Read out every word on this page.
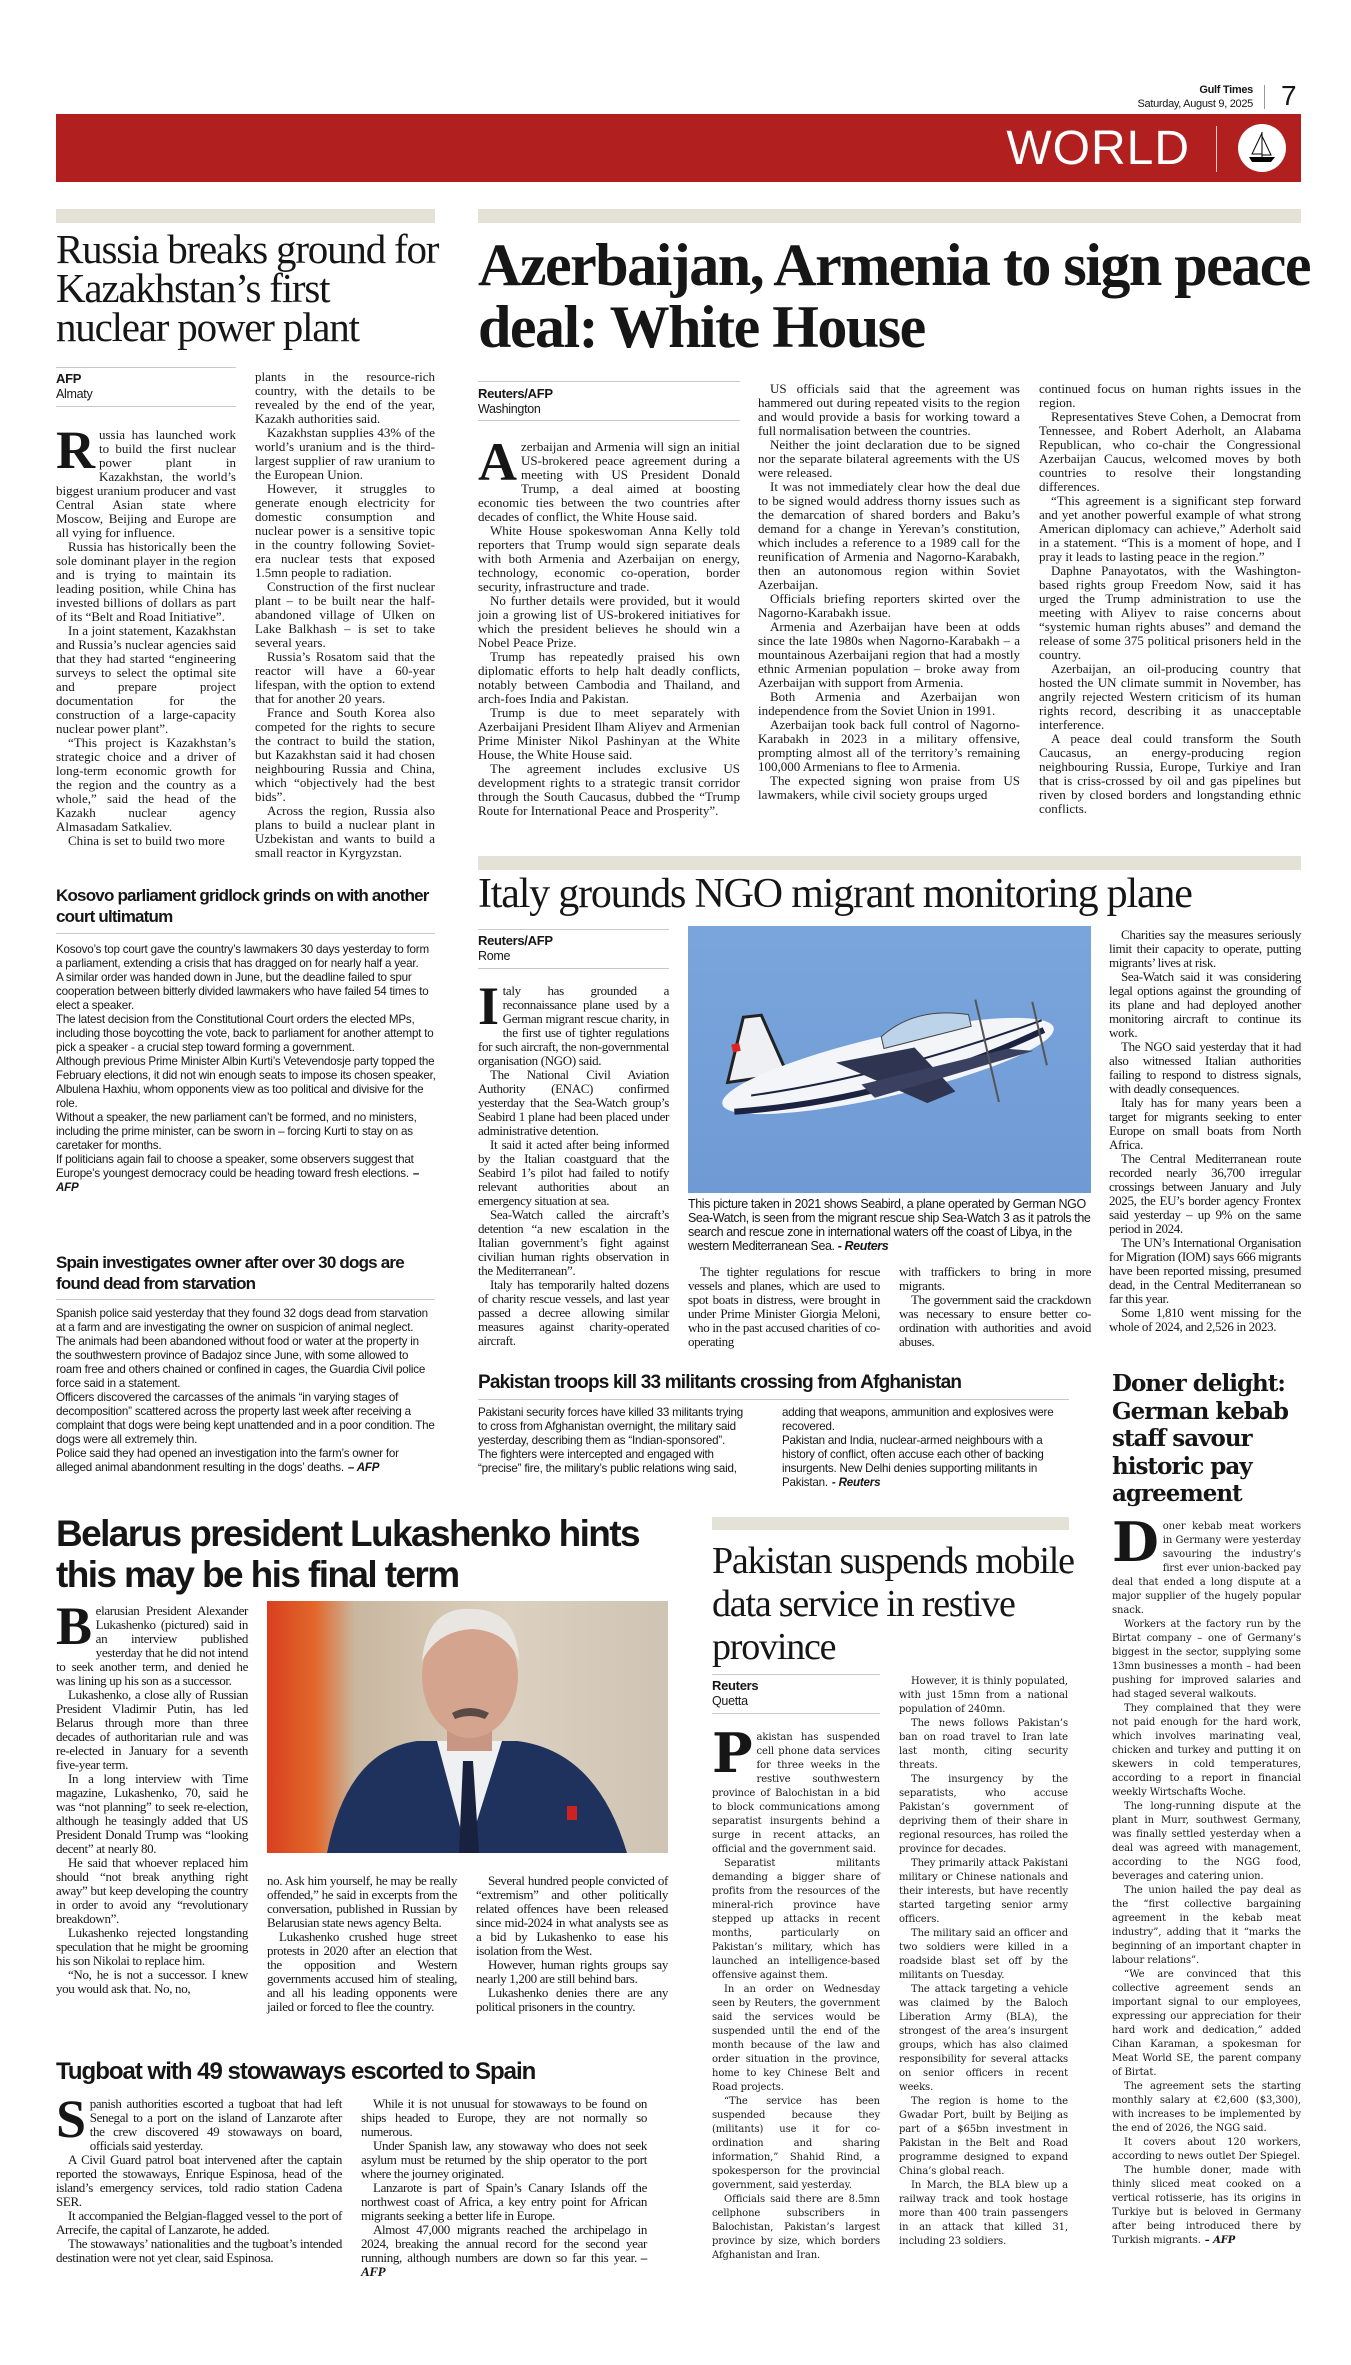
Gulf Times
Saturday, August 9, 2025 7
WORLD
Russia breaks ground for Kazakhstan’s first nuclear power plant
AFP
Almaty

Russia has launched work to build the first nuclear power plant in Kazakhstan, the world’s biggest uranium producer and vast Central Asian state where Moscow, Beijing and Europe are all vying for influence.

Russia has historically been the sole dominant player in the region and is trying to maintain its leading position, while China has invested billions of dollars as part of its “Belt and Road Initiative”.

In a joint statement, Kazakhstan and Russia’s nuclear agencies said that they had started “engineering surveys to select the optimal site and prepare project documentation for the construction of a large-capacity nuclear power plant”.

“This project is Kazakhstan’s strategic choice and a driver of long-term economic growth for the region and the country as a whole,” said the head of the Kazakh nuclear agency Almasadam Satkaliev.

China is set to build two more

plants in the resource-rich country, with the details to be revealed by the end of the year, Kazakh authorities said.

Kazakhstan supplies 43% of the world’s uranium and is the third-largest supplier of raw uranium to the European Union.

However, it struggles to generate enough electricity for domestic consumption and nuclear power is a sensitive topic in the country following Soviet-era nuclear tests that exposed 1.5mn people to radiation.

Construction of the first nuclear plant – to be built near the half-abandoned village of Ulken on Lake Balkhash – is set to take several years.

Russia’s Rosatom said that the reactor will have a 60-year lifespan, with the option to extend that for another 20 years.

France and South Korea also competed for the rights to secure the contract to build the station, but Kazakhstan said it had chosen neighbouring Russia and China, which “objectively had the best bids”.

Across the region, Russia also plans to build a nuclear plant in Uzbekistan and wants to build a small reactor in Kyrgyzstan.

Azerbaijan, Armenia to sign peace deal: White House
Reuters/AFP
Washington

Azerbaijan and Armenia will sign an initial US-brokered peace agreement during a meeting with US President Donald Trump, a deal aimed at boosting economic ties between the two countries after decades of conflict, the White House said.

White House spokeswoman Anna Kelly told reporters that Trump would sign separate deals with both Armenia and Azerbaijan on energy, technology, economic co-operation, border security, infrastructure and trade.

No further details were provided, but it would join a growing list of US-brokered initiatives for which the president believes he should win a Nobel Peace Prize.

Trump has repeatedly praised his own diplomatic efforts to help halt deadly conflicts, notably between Cambodia and Thailand, and arch-foes India and Pakistan.

Trump is due to meet separately with Azerbaijani President Ilham Aliyev and Armenian Prime Minister Nikol Pashinyan at the White House, the White House said.

The agreement includes exclusive US development rights to a strategic transit corridor through the South Caucasus, dubbed the “Trump Route for International Peace and Prosperity”.

US officials said that the agreement was hammered out during repeated visits to the region and would provide a basis for working toward a full normalisation between the countries.

Neither the joint declaration due to be signed nor the separate bilateral agreements with the US were released.

It was not immediately clear how the deal due to be signed would address thorny issues such as the demarcation of shared borders and Baku’s demand for a change in Yerevan’s constitution, which includes a reference to a 1989 call for the reunification of Armenia and Nagorno-Karabakh, then an autonomous region within Soviet Azerbaijan.

Officials briefing reporters skirted over the Nagorno-Karabakh issue.

Armenia and Azerbaijan have been at odds since the late 1980s when Nagorno-Karabakh – a mountainous Azerbaijani region that had a mostly ethnic Armenian population – broke away from Azerbaijan with support from Armenia.

Both Armenia and Azerbaijan won independence from the Soviet Union in 1991.

Azerbaijan took back full control of Nagorno-Karabakh in 2023 in a military offensive, prompting almost all of the territory’s remaining 100,000 Armenians to flee to Armenia.

The expected signing won praise from US lawmakers, while civil society groups urged

continued focus on human rights issues in the region.

Representatives Steve Cohen, a Democrat from Tennessee, and Robert Aderholt, an Alabama Republican, who co-chair the Congressional Azerbaijan Caucus, welcomed moves by both countries to resolve their longstanding differences.

“This agreement is a significant step forward and yet another powerful example of what strong American diplomacy can achieve,” Aderholt said in a statement. “This is a moment of hope, and I pray it leads to lasting peace in the region.”

Daphne Panayotatos, with the Washington-based rights group Freedom Now, said it has urged the Trump administration to use the meeting with Aliyev to raise concerns about “systemic human rights abuses” and demand the release of some 375 political prisoners held in the country.

Azerbaijan, an oil-producing country that hosted the UN climate summit in November, has angrily rejected Western criticism of its human rights record, describing it as unacceptable interference.

A peace deal could transform the South Caucasus, an energy-producing region neighbouring Russia, Europe, Turkiye and Iran that is criss-crossed by oil and gas pipelines but riven by closed borders and longstanding ethnic conflicts.

Kosovo parliament gridlock grinds on with another court ultimatum

Kosovo’s top court gave the country’s lawmakers 30 days yesterday to form a parliament, extending a crisis that has dragged on for nearly half a year.

A similar order was handed down in June, but the deadline failed to spur cooperation between bitterly divided lawmakers who have failed 54 times to elect a speaker.

The latest decision from the Constitutional Court orders the elected MPs, including those boycotting the vote, back to parliament for another attempt to pick a speaker - a crucial step toward forming a government.

Although previous Prime Minister Albin Kurti’s Vetevendosje party topped the February elections, it did not win enough seats to impose its chosen speaker, Albulena Haxhiu, whom opponents view as too political and divisive for the role.

Without a speaker, the new parliament can’t be formed, and no ministers, including the prime minister, can be sworn in – forcing Kurti to stay on as caretaker for months.

If politicians again fail to choose a speaker, some observers suggest that Europe’s youngest democracy could be heading toward fresh elections. – AFP

Spain investigates owner after over 30 dogs are found dead from starvation

Spanish police said yesterday that they found 32 dogs dead from starvation at a farm and are investigating the owner on suspicion of animal neglect.

The animals had been abandoned without food or water at the property in the southwestern province of Badajoz since June, with some allowed to roam free and others chained or confined in cages, the Guardia Civil police force said in a statement.

Officers discovered the carcasses of the animals “in varying stages of decomposition” scattered across the property last week after receiving a complaint that dogs were being kept unattended and in a poor condition. The dogs were all extremely thin.

Police said they had opened an investigation into the farm’s owner for alleged animal abandonment resulting in the dogs’ deaths. – AFP

Italy grounds NGO migrant monitoring plane
Reuters/AFP
Rome

Italy has grounded a reconnaissance plane used by a German migrant rescue charity, in the first use of tighter regulations for such aircraft, the non-governmental organisation (NGO) said.

The National Civil Aviation Authority (ENAC) confirmed yesterday that the Sea-Watch group’s Seabird 1 plane had been placed under administrative detention.

It said it acted after being informed by the Italian coastguard that the Seabird 1’s pilot had failed to notify relevant authorities about an emergency situation at sea.

Sea-Watch called the aircraft’s detention “a new escalation in the Italian government’s fight against civilian human rights observation in the Mediterranean”.

Italy has temporarily halted dozens of charity rescue vessels, and last year passed a decree allowing similar measures against charity-operated aircraft.

This picture taken in 2021 shows Seabird, a plane operated by German NGO Sea-Watch, is seen from the migrant rescue ship Sea-Watch 3 as it patrols the search and rescue zone in international waters off the coast of Libya, in the western Mediterranean Sea. - Reuters

The tighter regulations for rescue vessels and planes, which are used to spot boats in distress, were brought in under Prime Minister Giorgia Meloni, who in the past accused charities of co-operating

with traffickers to bring in more migrants.

The government said the crackdown was necessary to ensure better co-ordination with authorities and avoid abuses.

Charities say the measures seriously limit their capacity to operate, putting migrants’ lives at risk.

Sea-Watch said it was considering legal options against the grounding of its plane and had deployed another monitoring aircraft to continue its work.

The NGO said yesterday that it had also witnessed Italian authorities failing to respond to distress signals, with deadly consequences.

Italy has for many years been a target for migrants seeking to enter Europe on small boats from North Africa.

The Central Mediterranean route recorded nearly 36,700 irregular crossings between January and July 2025, the EU’s border agency Frontex said yesterday – up 9% on the same period in 2024.

The UN’s International Organisation for Migration (IOM) says 666 migrants have been reported missing, presumed dead, in the Central Mediterranean so far this year.

Some 1,810 went missing for the whole of 2024, and 2,526 in 2023.

Pakistan troops kill 33 militants crossing from Afghanistan

Pakistani security forces have killed 33 militants trying to cross from Afghanistan overnight, the military said yesterday, describing them as “Indian-sponsored”.

The fighters were intercepted and engaged with “precise” fire, the military’s public relations wing said,

adding that weapons, ammunition and explosives were recovered.

Pakistan and India, nuclear-armed neighbours with a history of conflict, often accuse each other of backing insurgents. New Delhi denies supporting militants in Pakistan. - Reuters

Doner delight: German kebab staff savour historic pay agreement

Doner kebab meat workers in Germany were yesterday savouring the industry’s first ever union-backed pay deal that ended a long dispute at a major supplier of the hugely popular snack.

Workers at the factory run by the Birtat company – one of Germany’s biggest in the sector, supplying some 13mn businesses a month – had been pushing for improved salaries and had staged several walkouts.

They complained that they were not paid enough for the hard work, which involves marinating veal, chicken and turkey and putting it on skewers in cold temperatures, according to a report in financial weekly Wirtschafts Woche.

The long-running dispute at the plant in Murr, southwest Germany, was finally settled yesterday when a deal was agreed with management, according to the NGG food, beverages and catering union.

The union hailed the pay deal as the “first collective bargaining agreement in the kebab meat industry”, adding that it “marks the beginning of an important chapter in labour relations”.

“We are convinced that this collective agreement sends an important signal to our employees, expressing our appreciation for their hard work and dedication,” added Cihan Karaman, a spokesman for Meat World SE, the parent company of Birtat.

The agreement sets the starting monthly salary at €2,600 ($3,300), with increases to be implemented by the end of 2026, the NGG said.

It covers about 120 workers, according to news outlet Der Spiegel.

The humble doner, made with thinly sliced meat cooked on a vertical rotisserie, has its origins in Turkiye but is beloved in Germany after being introduced there by Turkish migrants. – AFP

Belarus president Lukashenko hints this may be his final term

Belarusian President Alexander Lukashenko (pictured) said in an interview published yesterday that he did not intend to seek another term, and denied he was lining up his son as a successor.

Lukashenko, a close ally of Russian President Vladimir Putin, has led Belarus through more than three decades of authoritarian rule and was re-elected in January for a seventh five-year term.

In a long interview with Time magazine, Lukashenko, 70, said he was “not planning” to seek re-election, although he teasingly added that US President Donald Trump was “looking decent” at nearly 80.

He said that whoever replaced him should “not break anything right away” but keep developing the country in order to avoid any “revolutionary breakdown”.

Lukashenko rejected longstanding speculation that he might be grooming his son Nikolai to replace him.

“No, he is not a successor. I knew you would ask that. No, no,

no. Ask him yourself, he may be really offended,” he said in excerpts from the conversation, published in Russian by Belarusian state news agency Belta.

Lukashenko crushed huge street protests in 2020 after an election that the opposition and Western governments accused him of stealing, and all his leading opponents were jailed or forced to flee the country.

Several hundred people convicted of “extremism” and other politically related offences have been released since mid-2024 in what analysts see as a bid by Lukashenko to ease his isolation from the West.

However, human rights groups say nearly 1,200 are still behind bars.

Lukashenko denies there are any political prisoners in the country.

Pakistan suspends mobile data service in restive province
Reuters
Quetta

Pakistan has suspended cell phone data services for three weeks in the restive southwestern province of Balochistan in a bid to block communications among separatist insurgents behind a surge in recent attacks, an official and the government said.

Separatist militants demanding a bigger share of profits from the resources of the mineral-rich province have stepped up attacks in recent months, particularly on Pakistan’s military, which has launched an intelligence-based offensive against them.

In an order on Wednesday seen by Reuters, the government said the services would be suspended until the end of the month because of the law and order situation in the province, home to key Chinese Belt and Road projects.

“The service has been suspended because they (militants) use it for co-ordination and sharing information,” Shahid Rind, a spokesperson for the provincial government, said yesterday.

Officials said there are 8.5mn cellphone subscribers in Balochistan, Pakistan’s largest province by size, which borders Afghanistan and Iran.

However, it is thinly populated, with just 15mn from a national population of 240mn.

The news follows Pakistan’s ban on road travel to Iran late last month, citing security threats.

The insurgency by the separatists, who accuse Pakistan’s government of depriving them of their share in regional resources, has roiled the province for decades.

They primarily attack Pakistani military or Chinese nationals and their interests, but have recently started targeting senior army officers.

The military said an officer and two soldiers were killed in a roadside blast set off by the militants on Tuesday.

The attack targeting a vehicle was claimed by the Baloch Liberation Army (BLA), the strongest of the area’s insurgent groups, which has also claimed responsibility for several attacks on senior officers in recent weeks.

The region is home to the Gwadar Port, built by Beijing as part of a $65bn investment in Pakistan in the Belt and Road programme designed to expand China’s global reach.

In March, the BLA blew up a railway track and took hostage more than 400 train passengers in an attack that killed 31, including 23 soldiers.

Tugboat with 49 stowaways escorted to Spain

Spanish authorities escorted a tugboat that had left Senegal to a port on the island of Lanzarote after the crew discovered 49 stowaways on board, officials said yesterday.

A Civil Guard patrol boat intervened after the captain reported the stowaways, Enrique Espinosa, head of the island’s emergency services, told radio station Cadena SER.

It accompanied the Belgian-flagged vessel to the port of Arrecife, the capital of Lanzarote, he added.

The stowaways’ nationalities and the tugboat’s intended destination were not yet clear, said Espinosa.

While it is not unusual for stowaways to be found on ships headed to Europe, they are not normally so numerous.

Under Spanish law, any stowaway who does not seek asylum must be returned by the ship operator to the port where the journey originated.

Lanzarote is part of Spain’s Canary Islands off the northwest coast of Africa, a key entry point for African migrants seeking a better life in Europe.

Almost 47,000 migrants reached the archipelago in 2024, breaking the annual record for the second year running, although numbers are down so far this year. – AFP
